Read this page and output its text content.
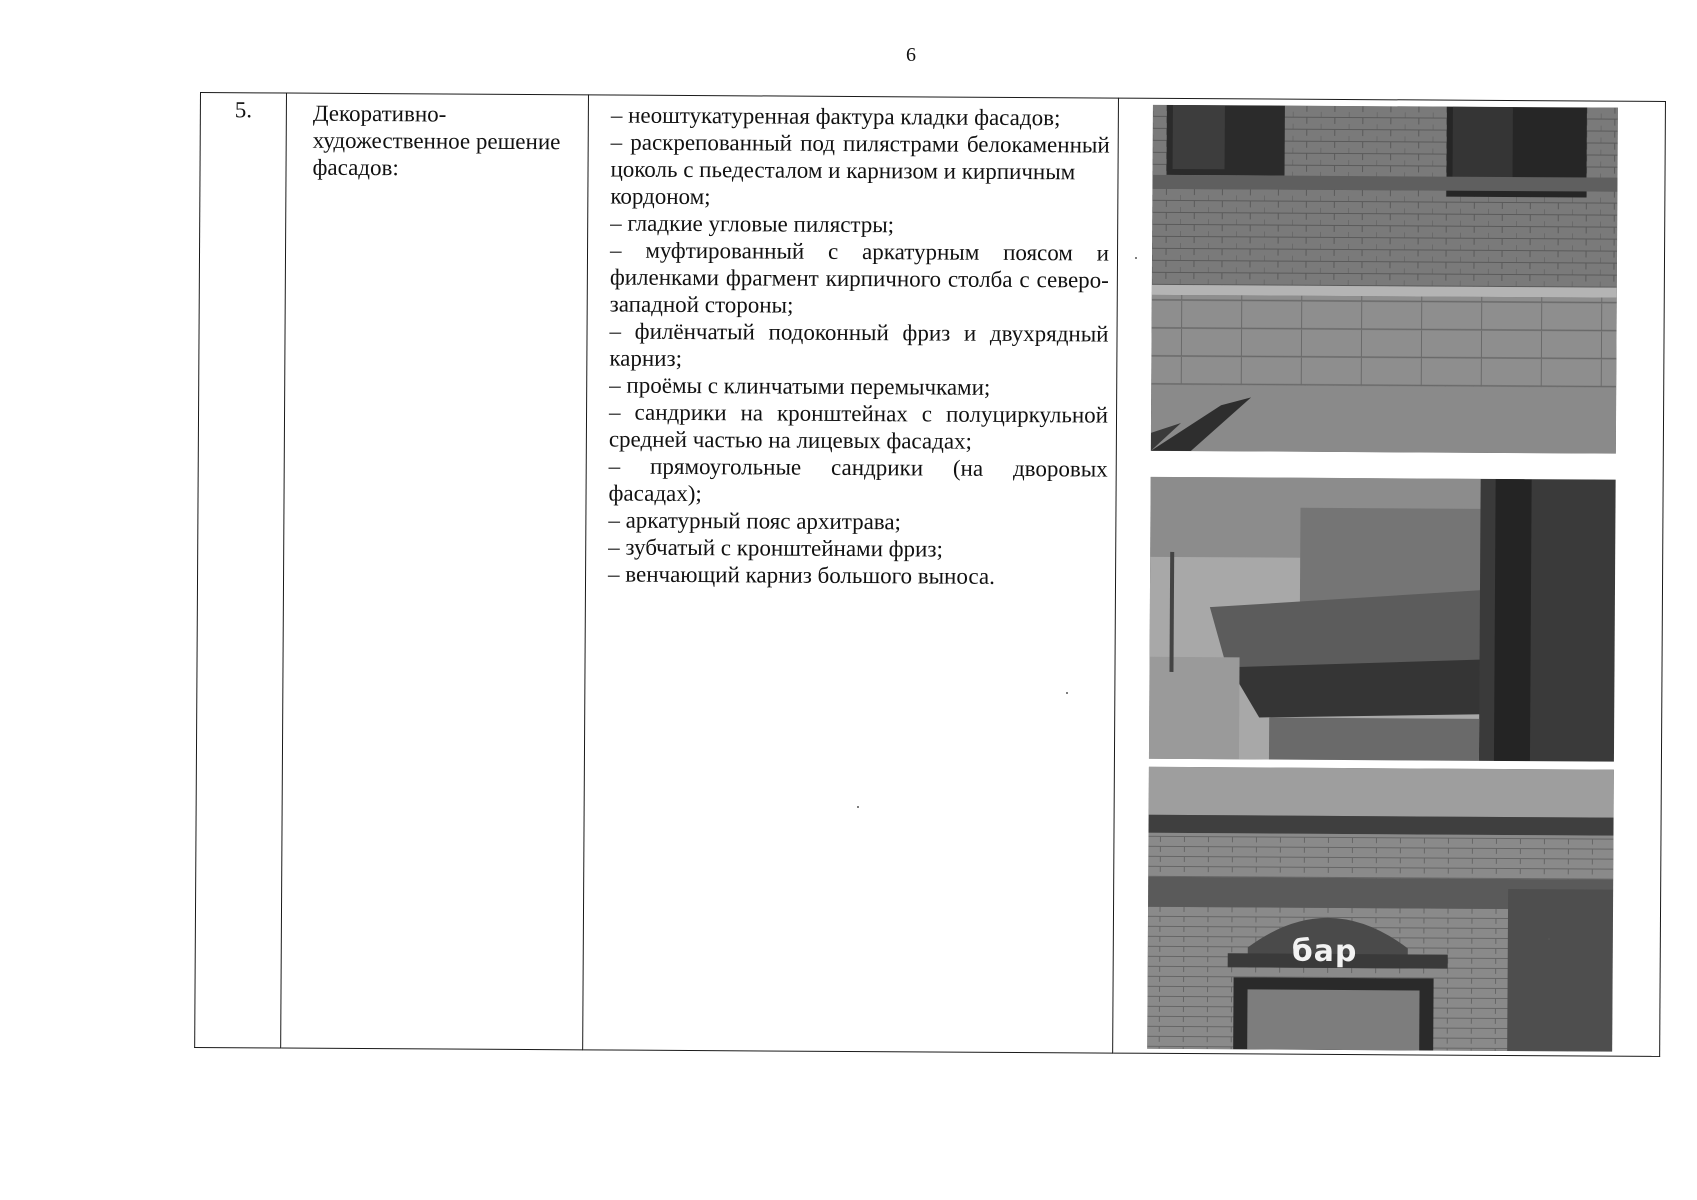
6
5.	Декоративно-художественное решение фасадов:

– неоштукатуренная фактура кладки фасадов;

– раскрепованный под пилястрами белокаменный цоколь с пьедесталом и карнизом и кирпичным

кордоном;

– гладкие угловые пилястры;

– муфтированный с аркатурным поясом и филенками фрагмент кирпичного столба с северо-западной стороны;

– филёнчатый подоконный фриз и двухрядный карниз;

– проёмы с клинчатыми перемычками;

– сандрики на кронштейнах с полуциркульной средней частью на лицевых фасадах;

– прямоугольные сандрики (на дворовых фасадах);

– аркатурный пояс архитрава;

– зубчатый с кронштейнами фриз;

– венчающий карниз большого выноса.

бар
